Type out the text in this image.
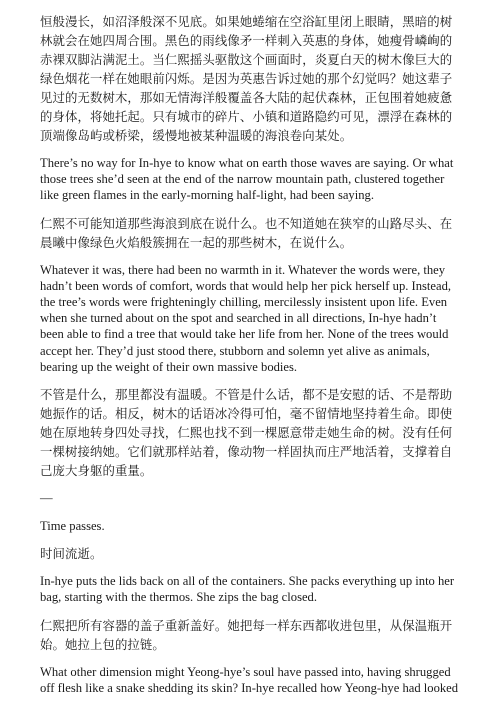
恒般漫长，如沼泽般深不见底。如果她蜷缩在空浴缸里闭上眼睛，黑暗的树林就会在她四周合围。黑色的雨线像矛一样刺入英惠的身体，她瘦骨嶙峋的赤裸双脚沾满泥土。当仁熙摇头驱散这个画面时，炎夏白天的树木像巨大的绿色烟花一样在她眼前闪烁。是因为英惠告诉过她的那个幻觉吗？她这辈子见过的无数树木，那如无情海洋般覆盖各大陆的起伏森林，正包围着她疲惫的身体，将她托起。只有城市的碎片、小镇和道路隐约可见，漂浮在森林的顶端像岛屿或桥梁，缓慢地被某种温暖的海浪卷向某处。

There’s no way for In-hye to know what on earth those waves are saying. Or what those trees she’d seen at the end of the narrow mountain path, clustered together like green flames in the early-morning half-light, had been saying.

仁熙不可能知道那些海浪到底在说什么。也不知道她在狭窄的山路尽头、在晨曦中像绿色火焰般簇拥在一起的那些树木，在说什么。

Whatever it was, there had been no warmth in it. Whatever the words were, they hadn’t been words of comfort, words that would help her pick herself up. Instead, the tree’s words were frighteningly chilling, mercilessly insistent upon life. Even when she turned about on the spot and searched in all directions, In-hye hadn’t been able to find a tree that would take her life from her. None of the trees would accept her. They’d just stood there, stubborn and solemn yet alive as animals, bearing up the weight of their own massive bodies.

不管是什么，那里都没有温暖。不管是什么话，都不是安慰的话、不是帮助她振作的话。相反，树木的话语冰冷得可怕，毫不留情地坚持着生命。即使她在原地转身四处寻找，仁熙也找不到一棵愿意带走她生命的树。没有任何一棵树接纳她。它们就那样站着，像动物一样固执而庄严地活着，支撑着自己庞大身躯的重量。

—

Time passes.

时间流逝。

In-hye puts the lids back on all of the containers. She packs everything up into her bag, starting with the thermos. She zips the bag closed.

仁熙把所有容器的盖子重新盖好。她把每一样东西都收进包里，从保温瓶开始。她拉上包的拉链。

What other dimension might Yeong-hye’s soul have passed into, having shrugged off flesh like a snake shedding its skin? In-hye recalled how Yeong-hye had looked
